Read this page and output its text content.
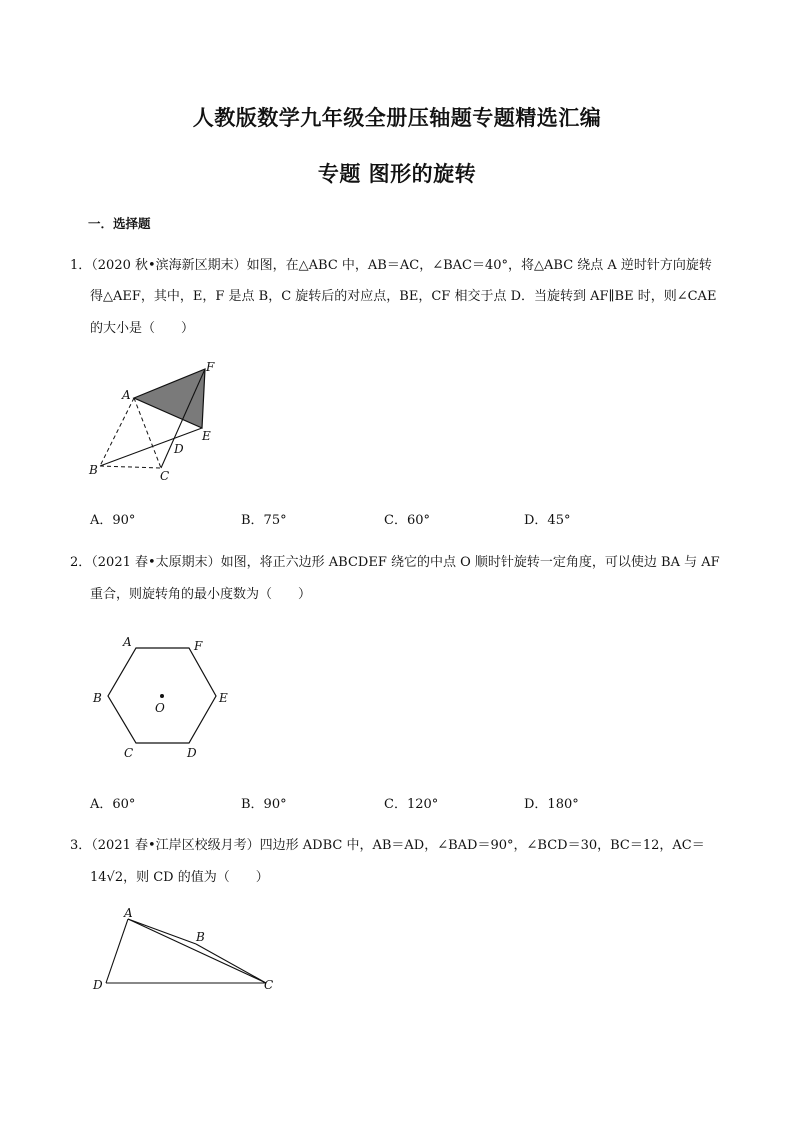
人教版数学九年级全册压轴题专题精选汇编
专题 图形的旋转
一．选择题
1．（2020 秋•滨海新区期末）如图，在△ABC 中，AB＝AC，∠BAC＝40°，将△ABC 绕点 A 逆时针方向旋转
得△AEF，其中，E，F 是点 B，C 旋转后的对应点，BE，CF 相交于点 D．当旋转到 AF∥BE 时，则∠CAE
的大小是（　　）
A
F
E
D
B	C
A．90°	B．75°	C．60°	D．45°
2．（2021 春•太原期末）如图，将正六边形 ABCDEF 绕它的中点 O 顺时针旋转一定角度，可以使边 BA 与 AF
重合，则旋转角的最小度数为（　　）
A	F
B
O
E
C	D
A．60°	B．90°	C．120°	D．180°
3．（2021 春•江岸区校级月考）四边形 ADBC 中，AB＝AD，∠BAD＝90°，∠BCD＝30，BC＝12，AC＝
14√2，则 CD 的值为（　　）
A
B
D	C
